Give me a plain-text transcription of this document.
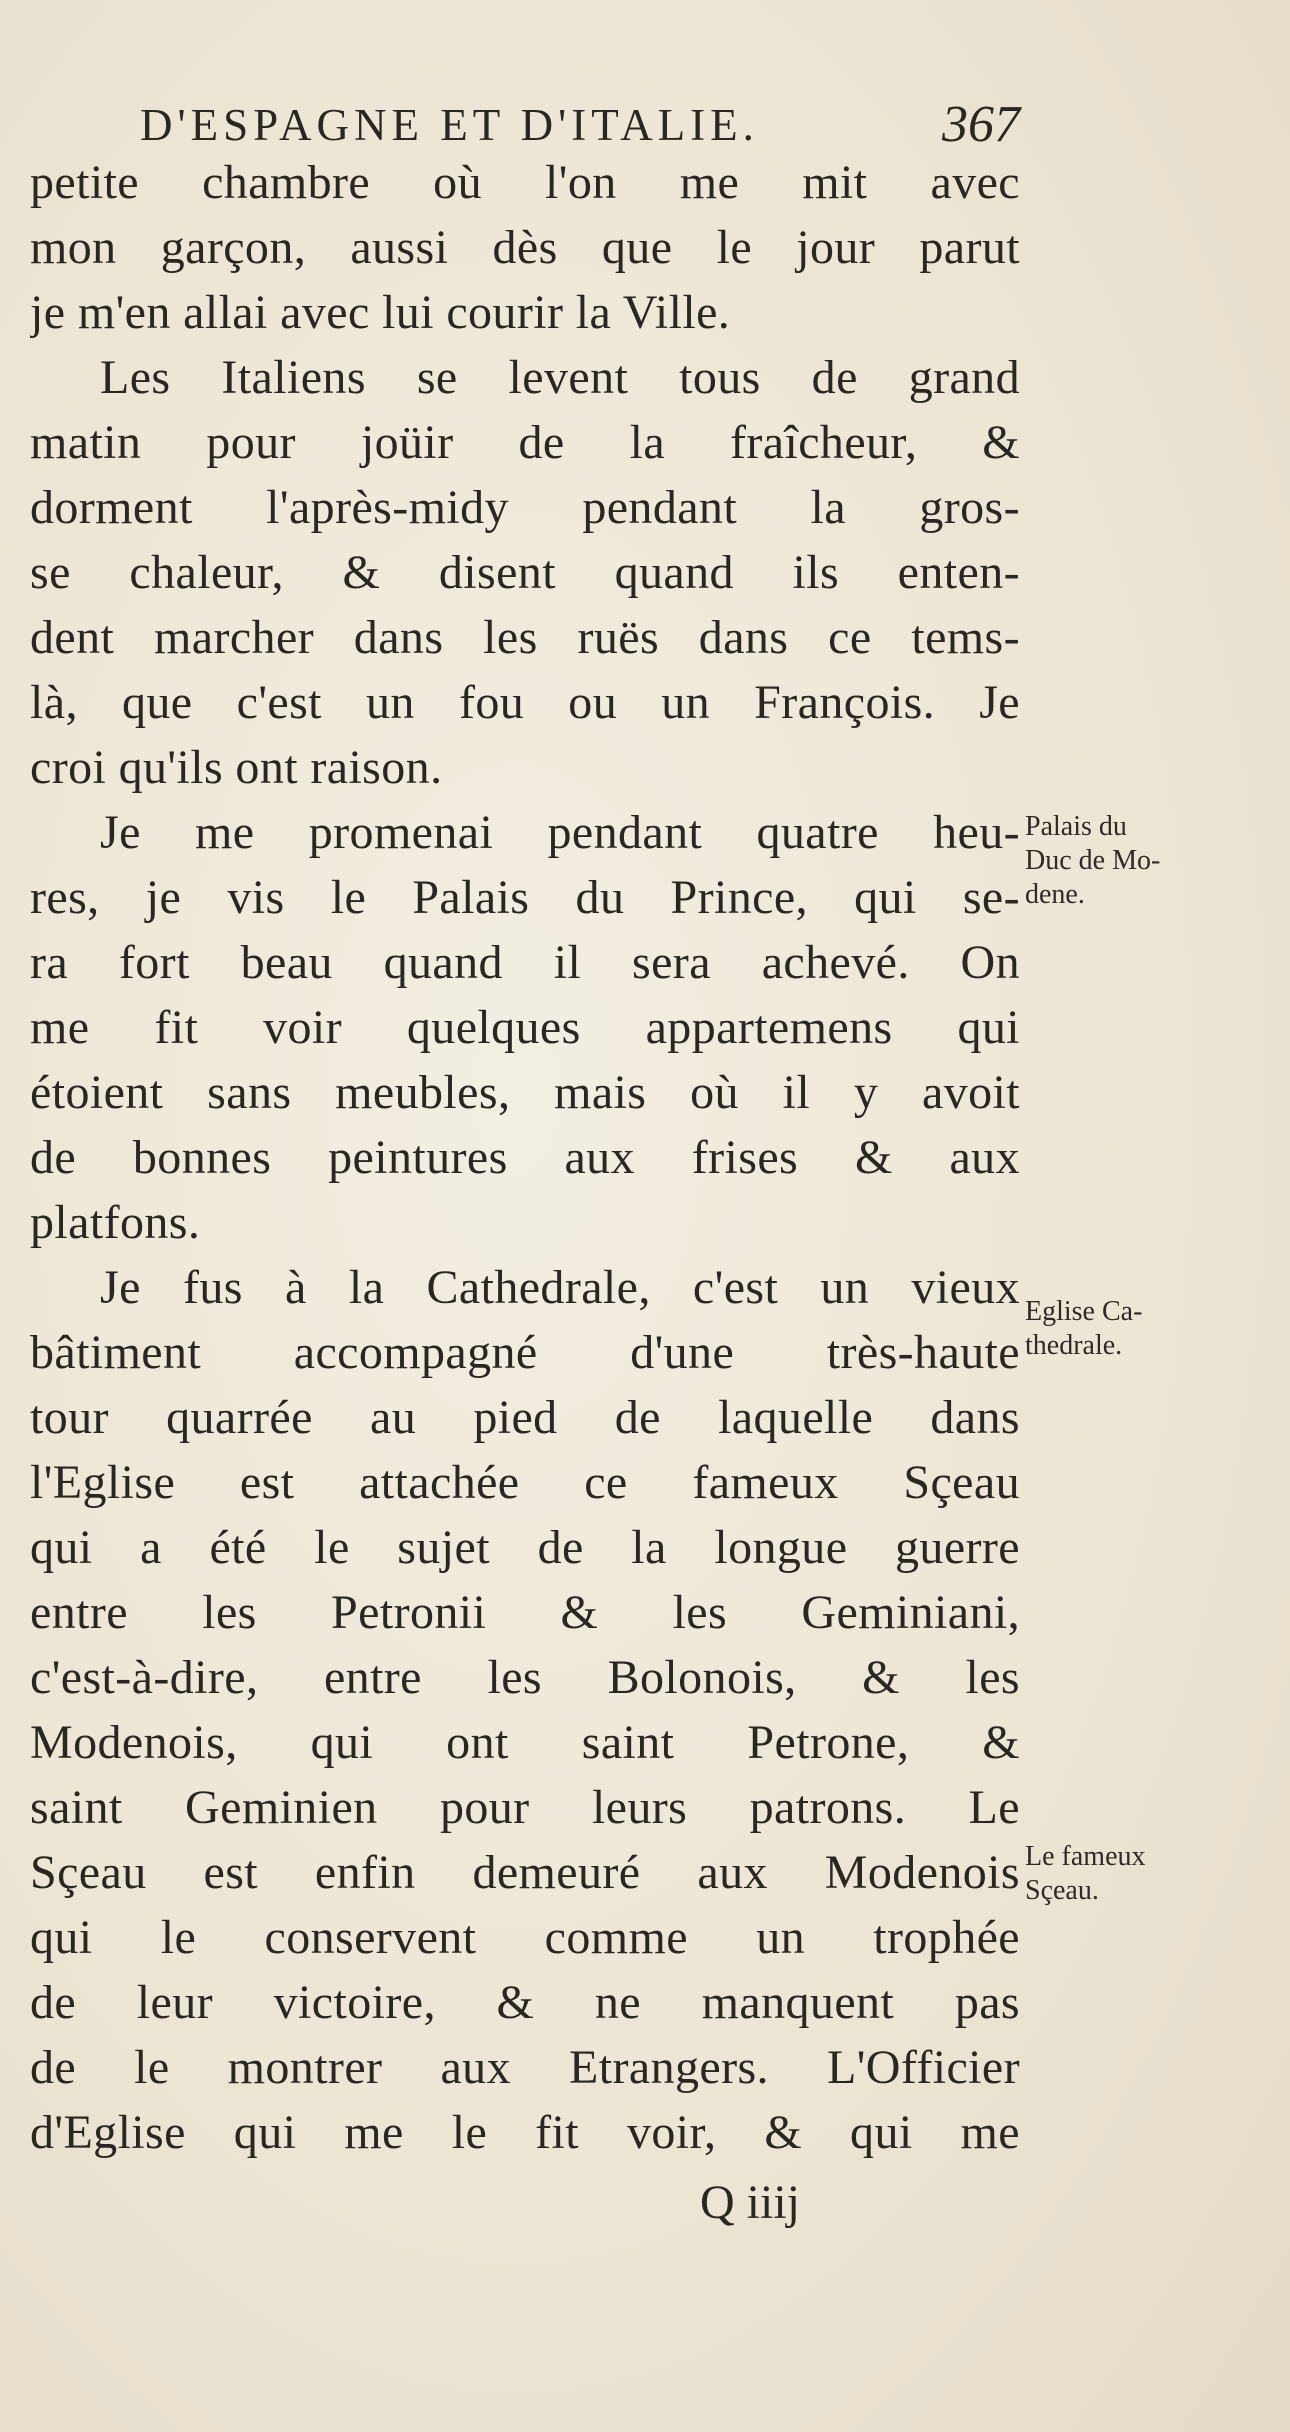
D'ESPAGNE ET D'ITALIE.	367
petite chambre où l'on me mit avec
mon garçon, aussi dès que le jour parut
je m'en allai avec lui courir la Ville.
Les Italiens se levent tous de grand
matin pour joüir de la fraîcheur, &
dorment l'après-midy pendant la gros-
se chaleur, & disent quand ils enten-
dent marcher dans les ruës dans ce tems-
là, que c'est un fou ou un François. Je
croi qu'ils ont raison.
Je me promenai pendant quatre heu-
res, je vis le Palais du Prince, qui se-
ra fort beau quand il sera achevé. On
me fit voir quelques appartemens qui
étoient sans meubles, mais où il y avoit
de bonnes peintures aux frises & aux
platfons.
Je fus à la Cathedrale, c'est un vieux
bâtiment accompagné d'une très-haute
tour quarrée au pied de laquelle dans
l'Eglise est attachée ce fameux Sçeau
qui a été le sujet de la longue guerre
entre les Petronii & les Geminiani,
c'est-à-dire, entre les Bolonois, & les
Modenois, qui ont saint Petrone, &
saint Geminien pour leurs patrons. Le
Sçeau est enfin demeuré aux Modenois
qui le conservent comme un trophée
de leur victoire, & ne manquent pas
de le montrer aux Etrangers. L'Officier
d'Eglise qui me le fit voir, & qui me
Palais du
Duc de Mo-
dene.
Eglise Ca-
thedrale.
Le fameux
Sçeau.
Q iiij
